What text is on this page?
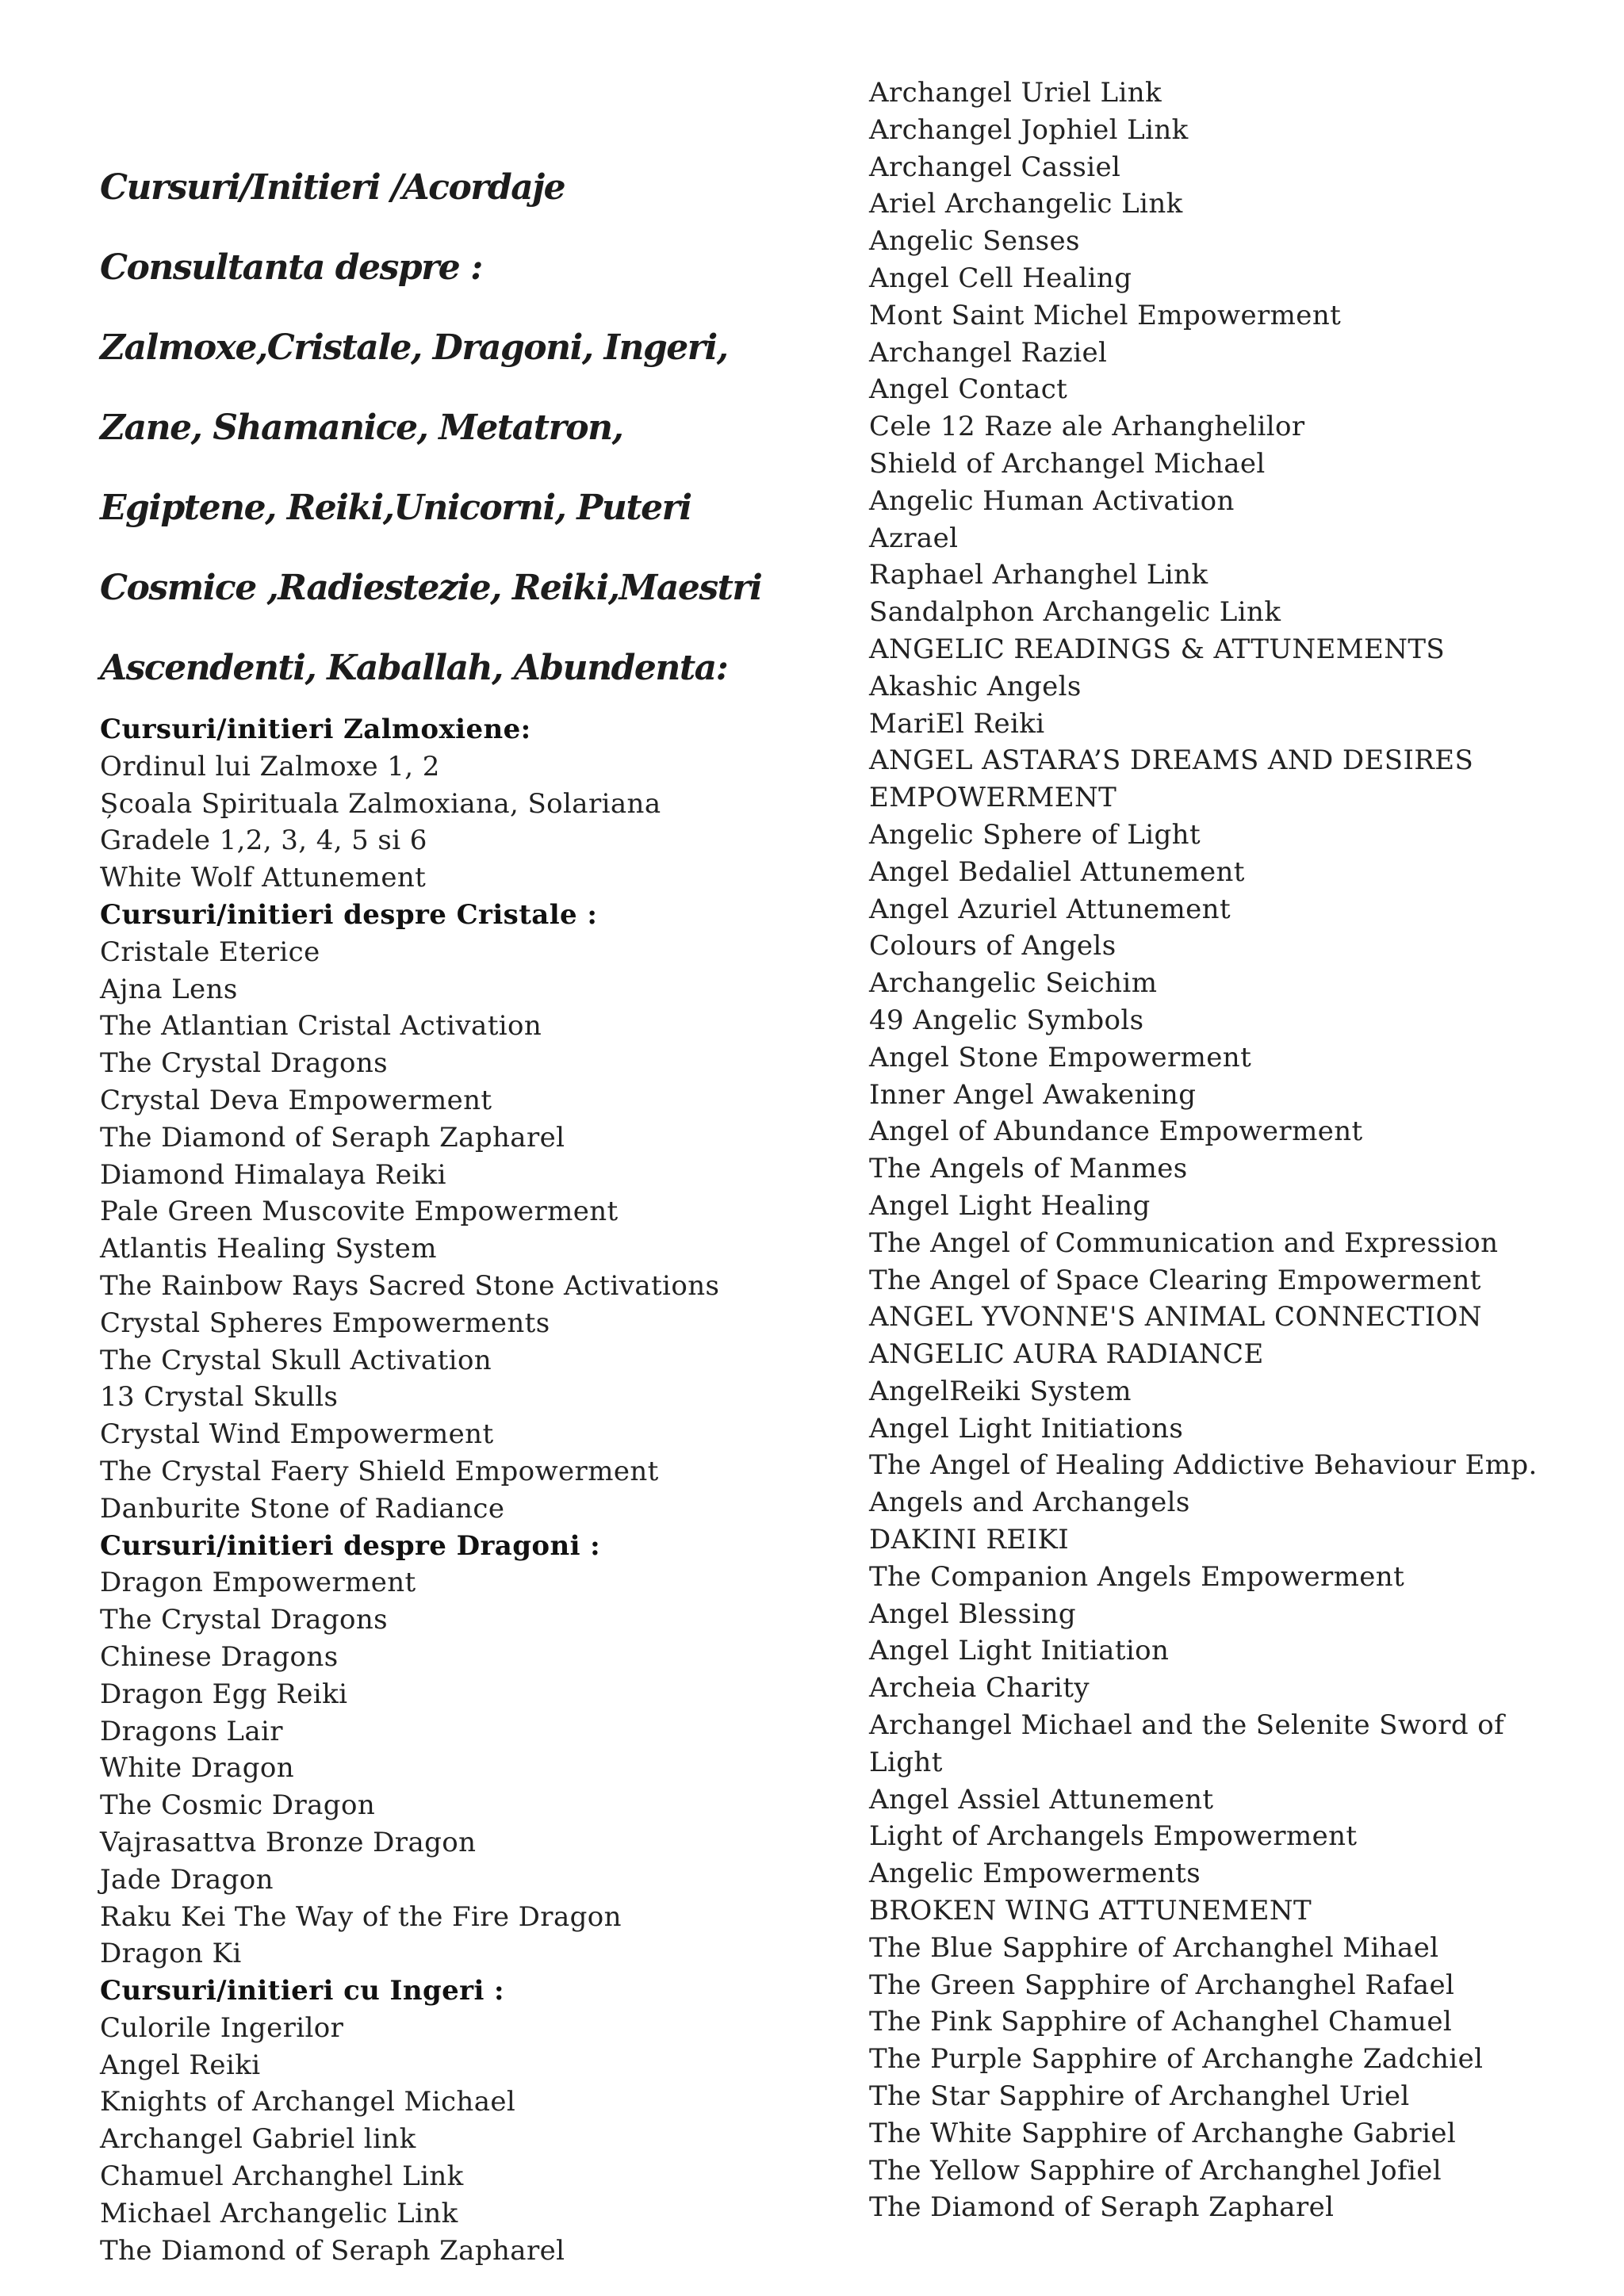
Cursuri/Initieri /Acordaje
Consultanta despre :
Zalmoxe,Cristale, Dragoni, Ingeri,
Zane, Shamanice, Metatron,
Egiptene, Reiki,Unicorni, Puteri
Cosmice ,Radiestezie, Reiki,Maestri
Ascendenti, Kaballah, Abundenta:
Cursuri/initieri Zalmoxiene:
Ordinul lui Zalmoxe 1, 2
Școala Spirituala Zalmoxiana, Solariana
Gradele 1,2, 3, 4, 5 si 6
White Wolf Attunement
Cursuri/initieri despre Cristale :
Cristale Eterice
Ajna Lens
The Atlantian Cristal Activation
The Crystal Dragons
Crystal Deva Empowerment
The Diamond of Seraph Zapharel
Diamond Himalaya Reiki
Pale Green Muscovite Empowerment
Atlantis Healing System
The Rainbow Rays Sacred Stone Activations
Crystal Spheres Empowerments
The Crystal Skull Activation
13 Crystal Skulls
Crystal Wind Empowerment
The Crystal Faery Shield Empowerment
Danburite Stone of Radiance
Cursuri/initieri despre Dragoni :
Dragon Empowerment
The Crystal Dragons
Chinese Dragons
Dragon Egg Reiki
Dragons Lair
White Dragon
The Cosmic Dragon
Vajrasattva Bronze Dragon
Jade Dragon
Raku Kei The Way of the Fire Dragon
Dragon Ki
Cursuri/initieri cu Ingeri :
Culorile Ingerilor
Angel Reiki
Knights of Archangel Michael
Archangel Gabriel link
Chamuel Archanghel Link
Michael Archangelic Link
The Diamond of Seraph Zapharel
Archangel Uriel Link
Archangel Jophiel Link
Archangel Cassiel
Ariel Archangelic Link
Angelic Senses
Angel Cell Healing
Mont Saint Michel Empowerment
Archangel Raziel
Angel Contact
Cele 12 Raze ale Arhanghelilor
Shield of Archangel Michael
Angelic Human Activation
Azrael
Raphael Arhanghel Link
Sandalphon Archangelic Link
ANGELIC READINGS & ATTUNEMENTS
Akashic Angels
MariEl Reiki
ANGEL ASTARA’S DREAMS AND DESIRES
EMPOWERMENT
Angelic Sphere of Light
Angel Bedaliel Attunement
Angel Azuriel Attunement
Colours of Angels
Archangelic Seichim
49 Angelic Symbols
Angel Stone Empowerment
Inner Angel Awakening
Angel of Abundance Empowerment
The Angels of Manmes
Angel Light Healing
The Angel of Communication and Expression
The Angel of Space Clearing Empowerment
ANGEL YVONNE'S ANIMAL CONNECTION
ANGELIC AURA RADIANCE
AngelReiki System
Angel Light Initiations
The Angel of Healing Addictive Behaviour Emp.
Angels and Archangels
DAKINI REIKI
The Companion Angels Empowerment
Angel Blessing
Angel Light Initiation
Archeia Charity
Archangel Michael and the Selenite Sword of
Light
Angel Assiel Attunement
Light of Archangels Empowerment
Angelic Empowerments
BROKEN WING ATTUNEMENT
The Blue Sapphire of Archanghel Mihael
The Green Sapphire of Archanghel Rafael
The Pink Sapphire of Achanghel Chamuel
The Purple Sapphire of Archanghe Zadchiel
The Star Sapphire of Archanghel Uriel
The White Sapphire of Archanghe Gabriel
The Yellow Sapphire of Archanghel Jofiel
The Diamond of Seraph Zapharel
